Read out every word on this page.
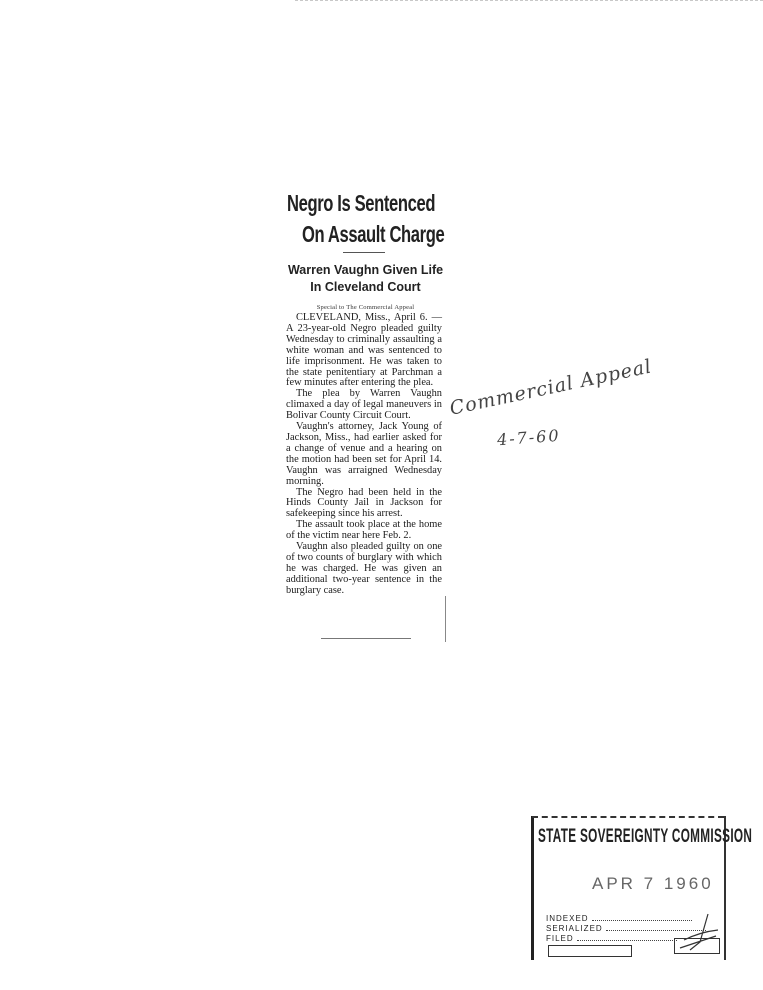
Negro Is Sentenced
On Assault Charge
Warren Vaughn Given Life
In Cleveland Court
Special to The Commercial Appeal

CLEVELAND, Miss., April 6. —A 23-year-old Negro pleaded guilty Wednesday to criminally assaulting a white woman and was sentenced to life imprisonment. He was taken to the state penitentiary at Parchman a few minutes after entering the plea.

The plea by Warren Vaughn climaxed a day of legal maneuvers in Bolivar County Circuit Court.

Vaughn's attorney, Jack Young of Jackson, Miss., had earlier asked for a change of venue and a hearing on the motion had been set for April 14. Vaughn was arraigned Wednesday morning.

The Negro had been held in the Hinds County Jail in Jackson for safekeeping since his arrest.

The assault took place at the home of the victim near here Feb. 2.

Vaughn also pleaded guilty on one of two counts of burglary with which he was charged. He was given an additional two-year sentence in the burglary case.

Commercial Appeal
4-7-60
STATE SOVEREIGNTY COMMISSION
APR 7 1960
INDEXED
SERIALIZED
FILED
